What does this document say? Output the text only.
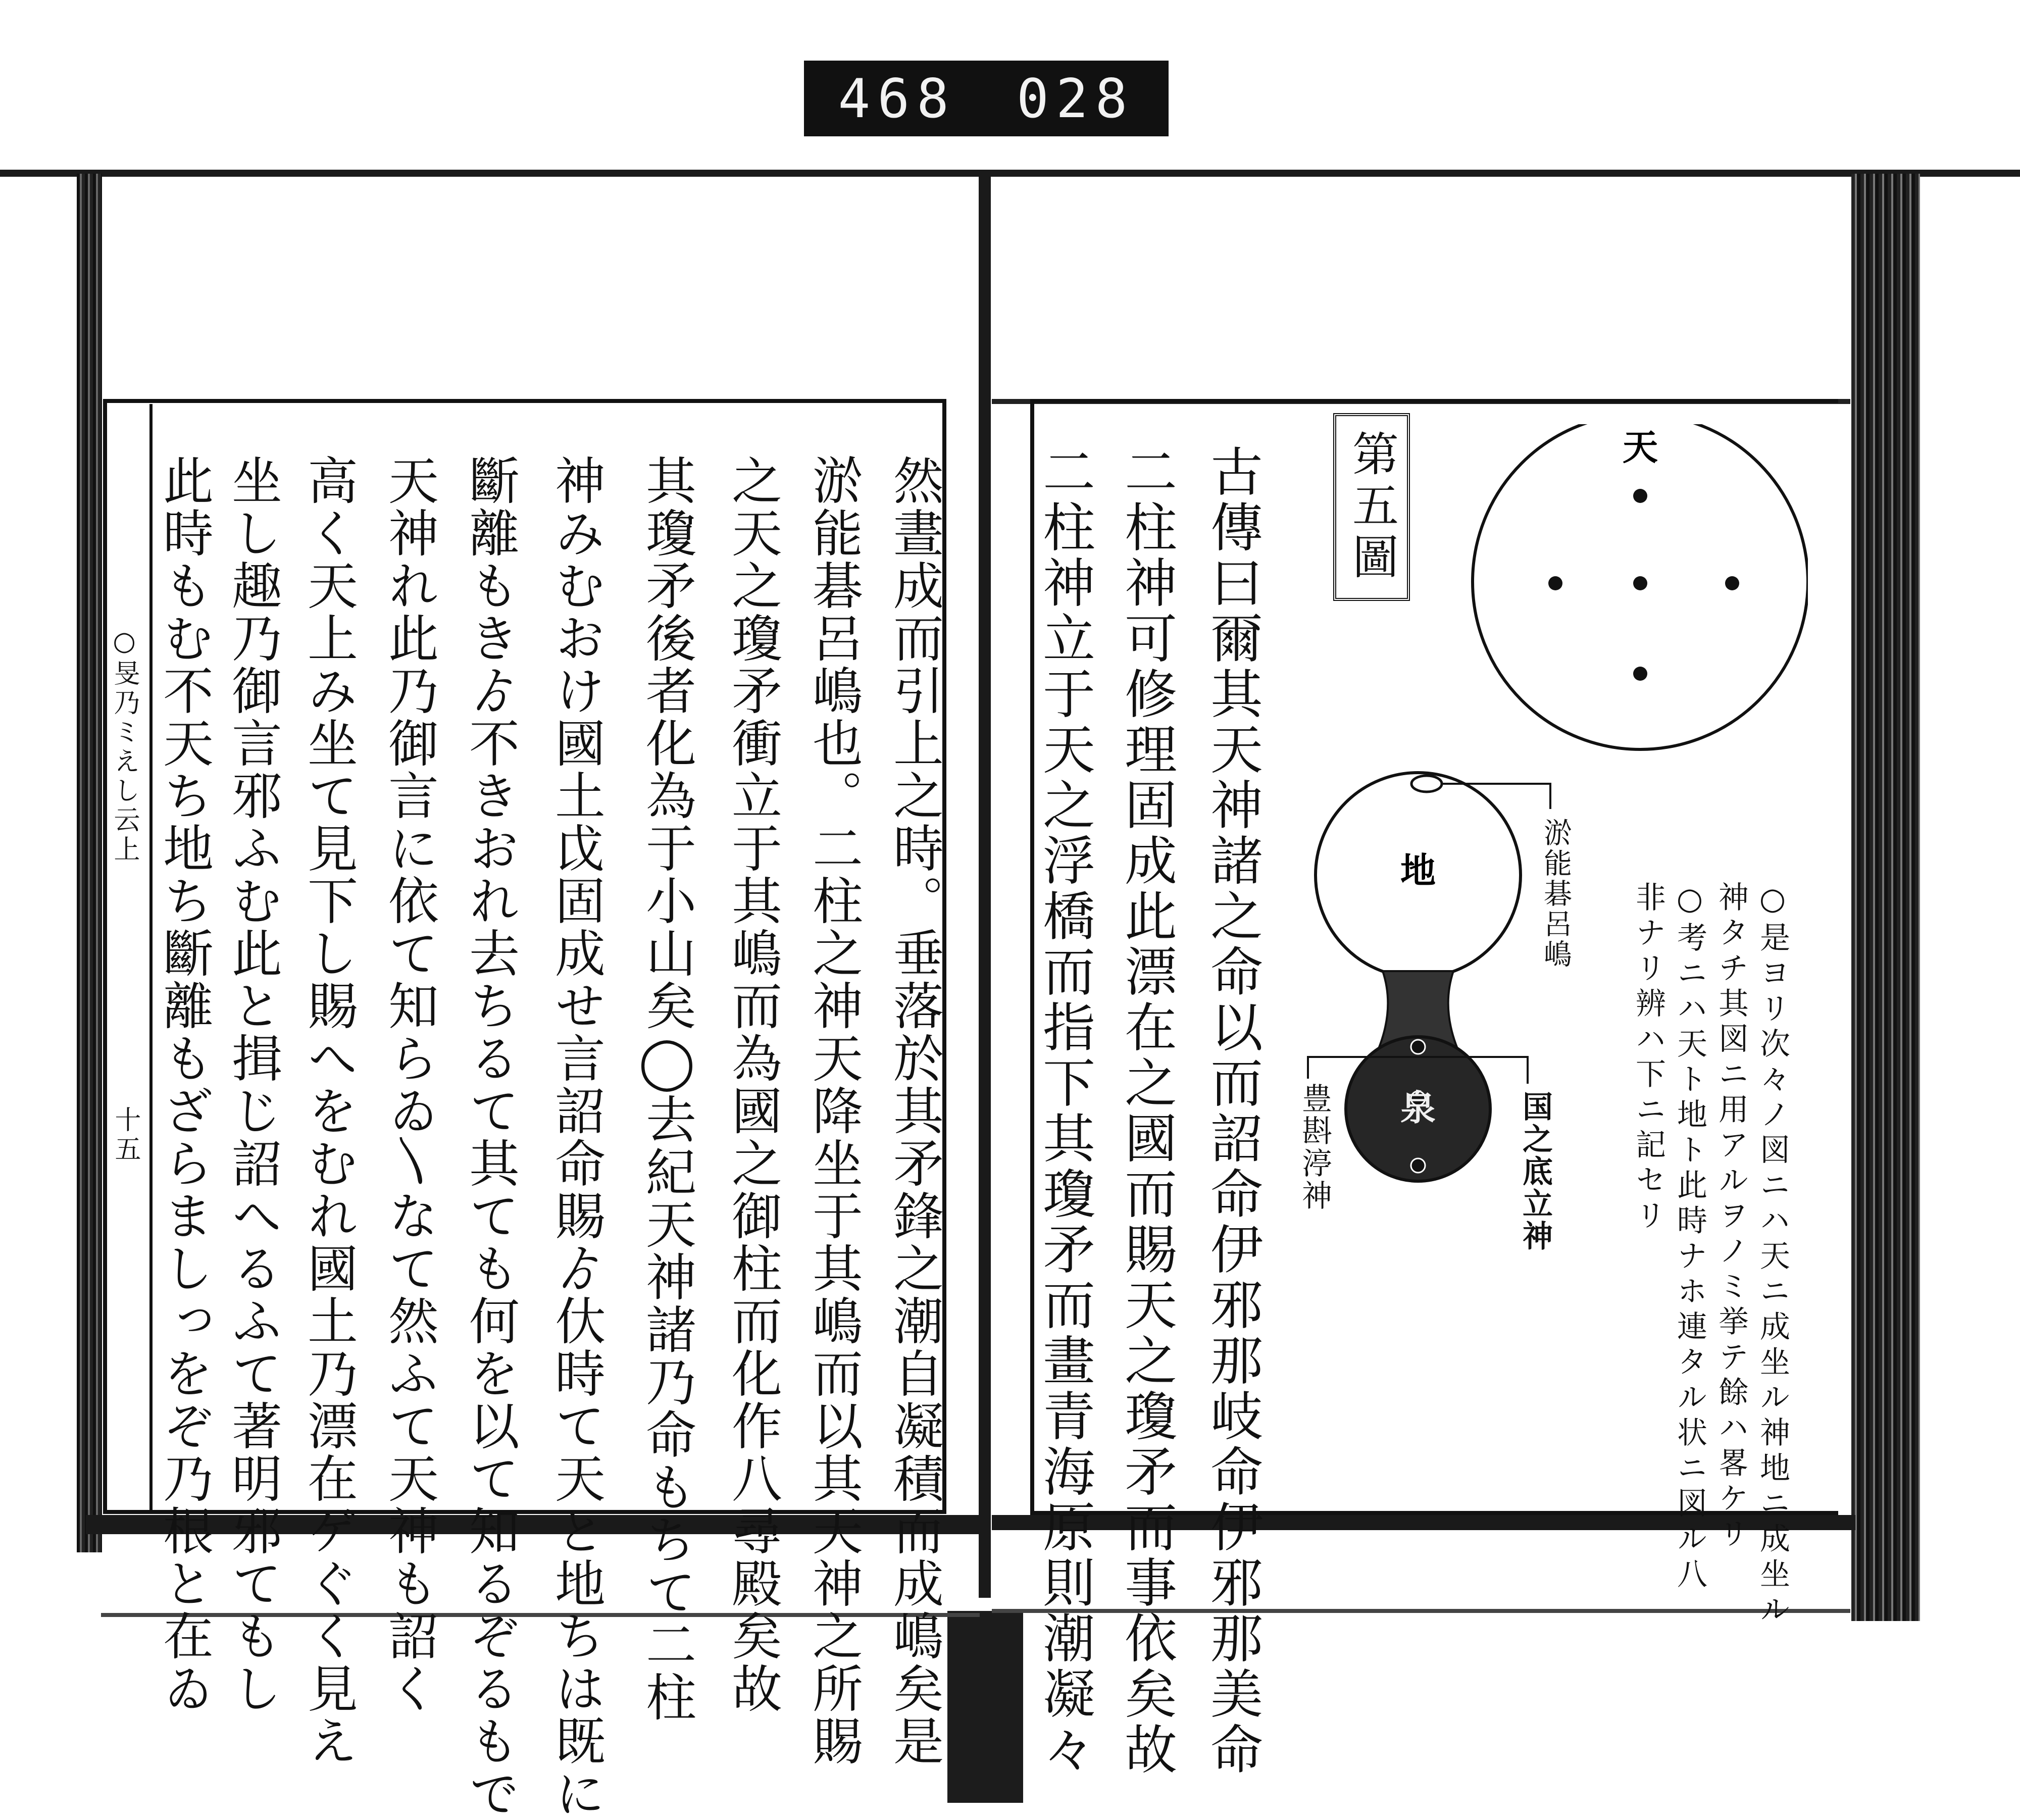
468 028
○旻乃ミえし云上
十五	然晝成而引上之時。垂落於其矛鋒之潮自凝積而成嶋矣是
淤能碁呂嶋也。二柱之神天降坐于其嶋而以其天神之所賜
之天之瓊矛衝立于其嶋而為國之御柱而化作八尋殿矣故
其瓊矛後者化為于小山矣◯去紀天神諸乃命もちて二柱
神みむおけ國土戉固成せ言詔命賜ゟ㐲時て天と地ちは既に
斷離もきゟ不きおれ去ちるて其ても何を以て知るぞるもで
天神れ此乃御言に依て知らゐ〵なて然ふて天神も詔く
高く天上み坐て見下し賜へをむれ國土乃漂在ゲぐく見え
坐し趣乃御言邪ふむ此と揖じ詔へるふて著明邪てもし
此時もむ不天ち地ち斷離もざらましっをぞ乃根と在ゐ	古傳曰爾其天神諸之命以而詔命伊邪那岐命伊邪那美命
二柱神可修理固成此漂在之國而賜天之瓊矛而事依矣故
二柱神立于天之浮橋而指下其瓊矛而畫青海原則潮凝々	第五圖	天
地
泉
淤能碁呂嶋
国之底立神
豊斟渟神	○是ヨリ次々ノ図ニハ天ニ成坐ル神地ニ成坐ル
神タチ其図ニ用アルヲノミ挙テ餘ハ畧ケリ
○考ニハ天ト地ト此時ナホ連タル状ニ図ル八
非ナリ辨ハ下ニ記セリ
